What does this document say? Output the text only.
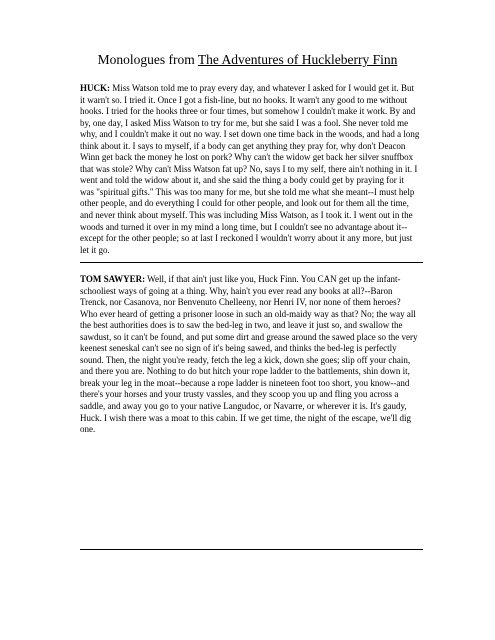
Monologues from The Adventures of Huckleberry Finn

HUCK: Miss Watson told me to pray every day, and whatever I asked for I would get it. But it warn't so. I tried it. Once I got a fish-line, but no hooks. It warn't any good to me without hooks. I tried for the hooks three or four times, but somehow I couldn't make it work. By and by, one day, I asked Miss Watson to try for me, but she said I was a fool. She never told me why, and I couldn't make it out no way. I set down one time back in the woods, and had a long think about it. I says to myself, if a body can get anything they pray for, why don't Deacon Winn get back the money he lost on pork? Why can't the widow get back her silver snuffbox that was stole? Why can't Miss Watson fat up? No, says I to my self, there ain't nothing in it. I went and told the widow about it, and she said the thing a body could get by praying for it was "spiritual gifts." This was too many for me, but she told me what she meant--I must help other people, and do everything I could for other people, and look out for them all the time, and never think about myself. This was including Miss Watson, as I took it. I went out in the woods and turned it over in my mind a long time, but I couldn't see no advantage about it--except for the other people; so at last I reckoned I wouldn't worry about it any more, but just let it go.

TOM SAWYER: Well, if that ain't just like you, Huck Finn. You CAN get up the infant-schooliest ways of going at a thing. Why, hain't you ever read any books at all?--Baron Trenck, nor Casanova, nor Benvenuto Chelleeny, nor Henri IV, nor none of them heroes? Who ever heard of getting a prisoner loose in such an old-maidy way as that? No; the way all the best authorities does is to saw the bed-leg in two, and leave it just so, and swallow the sawdust, so it can't be found, and put some dirt and grease around the sawed place so the very keenest seneskal can't see no sign of it's being sawed, and thinks the bed-leg is perfectly sound. Then, the night you're ready, fetch the leg a kick, down she goes; slip off your chain, and there you are. Nothing to do but hitch your rope ladder to the battlements, shin down it, break your leg in the moat--because a rope ladder is nineteen foot too short, you know--and there's your horses and your trusty vassles, and they scoop you up and fling you across a saddle, and away you go to your native Langudoc, or Navarre, or wherever it is. It's gaudy, Huck. I wish there was a moat to this cabin. If we get time, the night of the escape, we'll dig one.
